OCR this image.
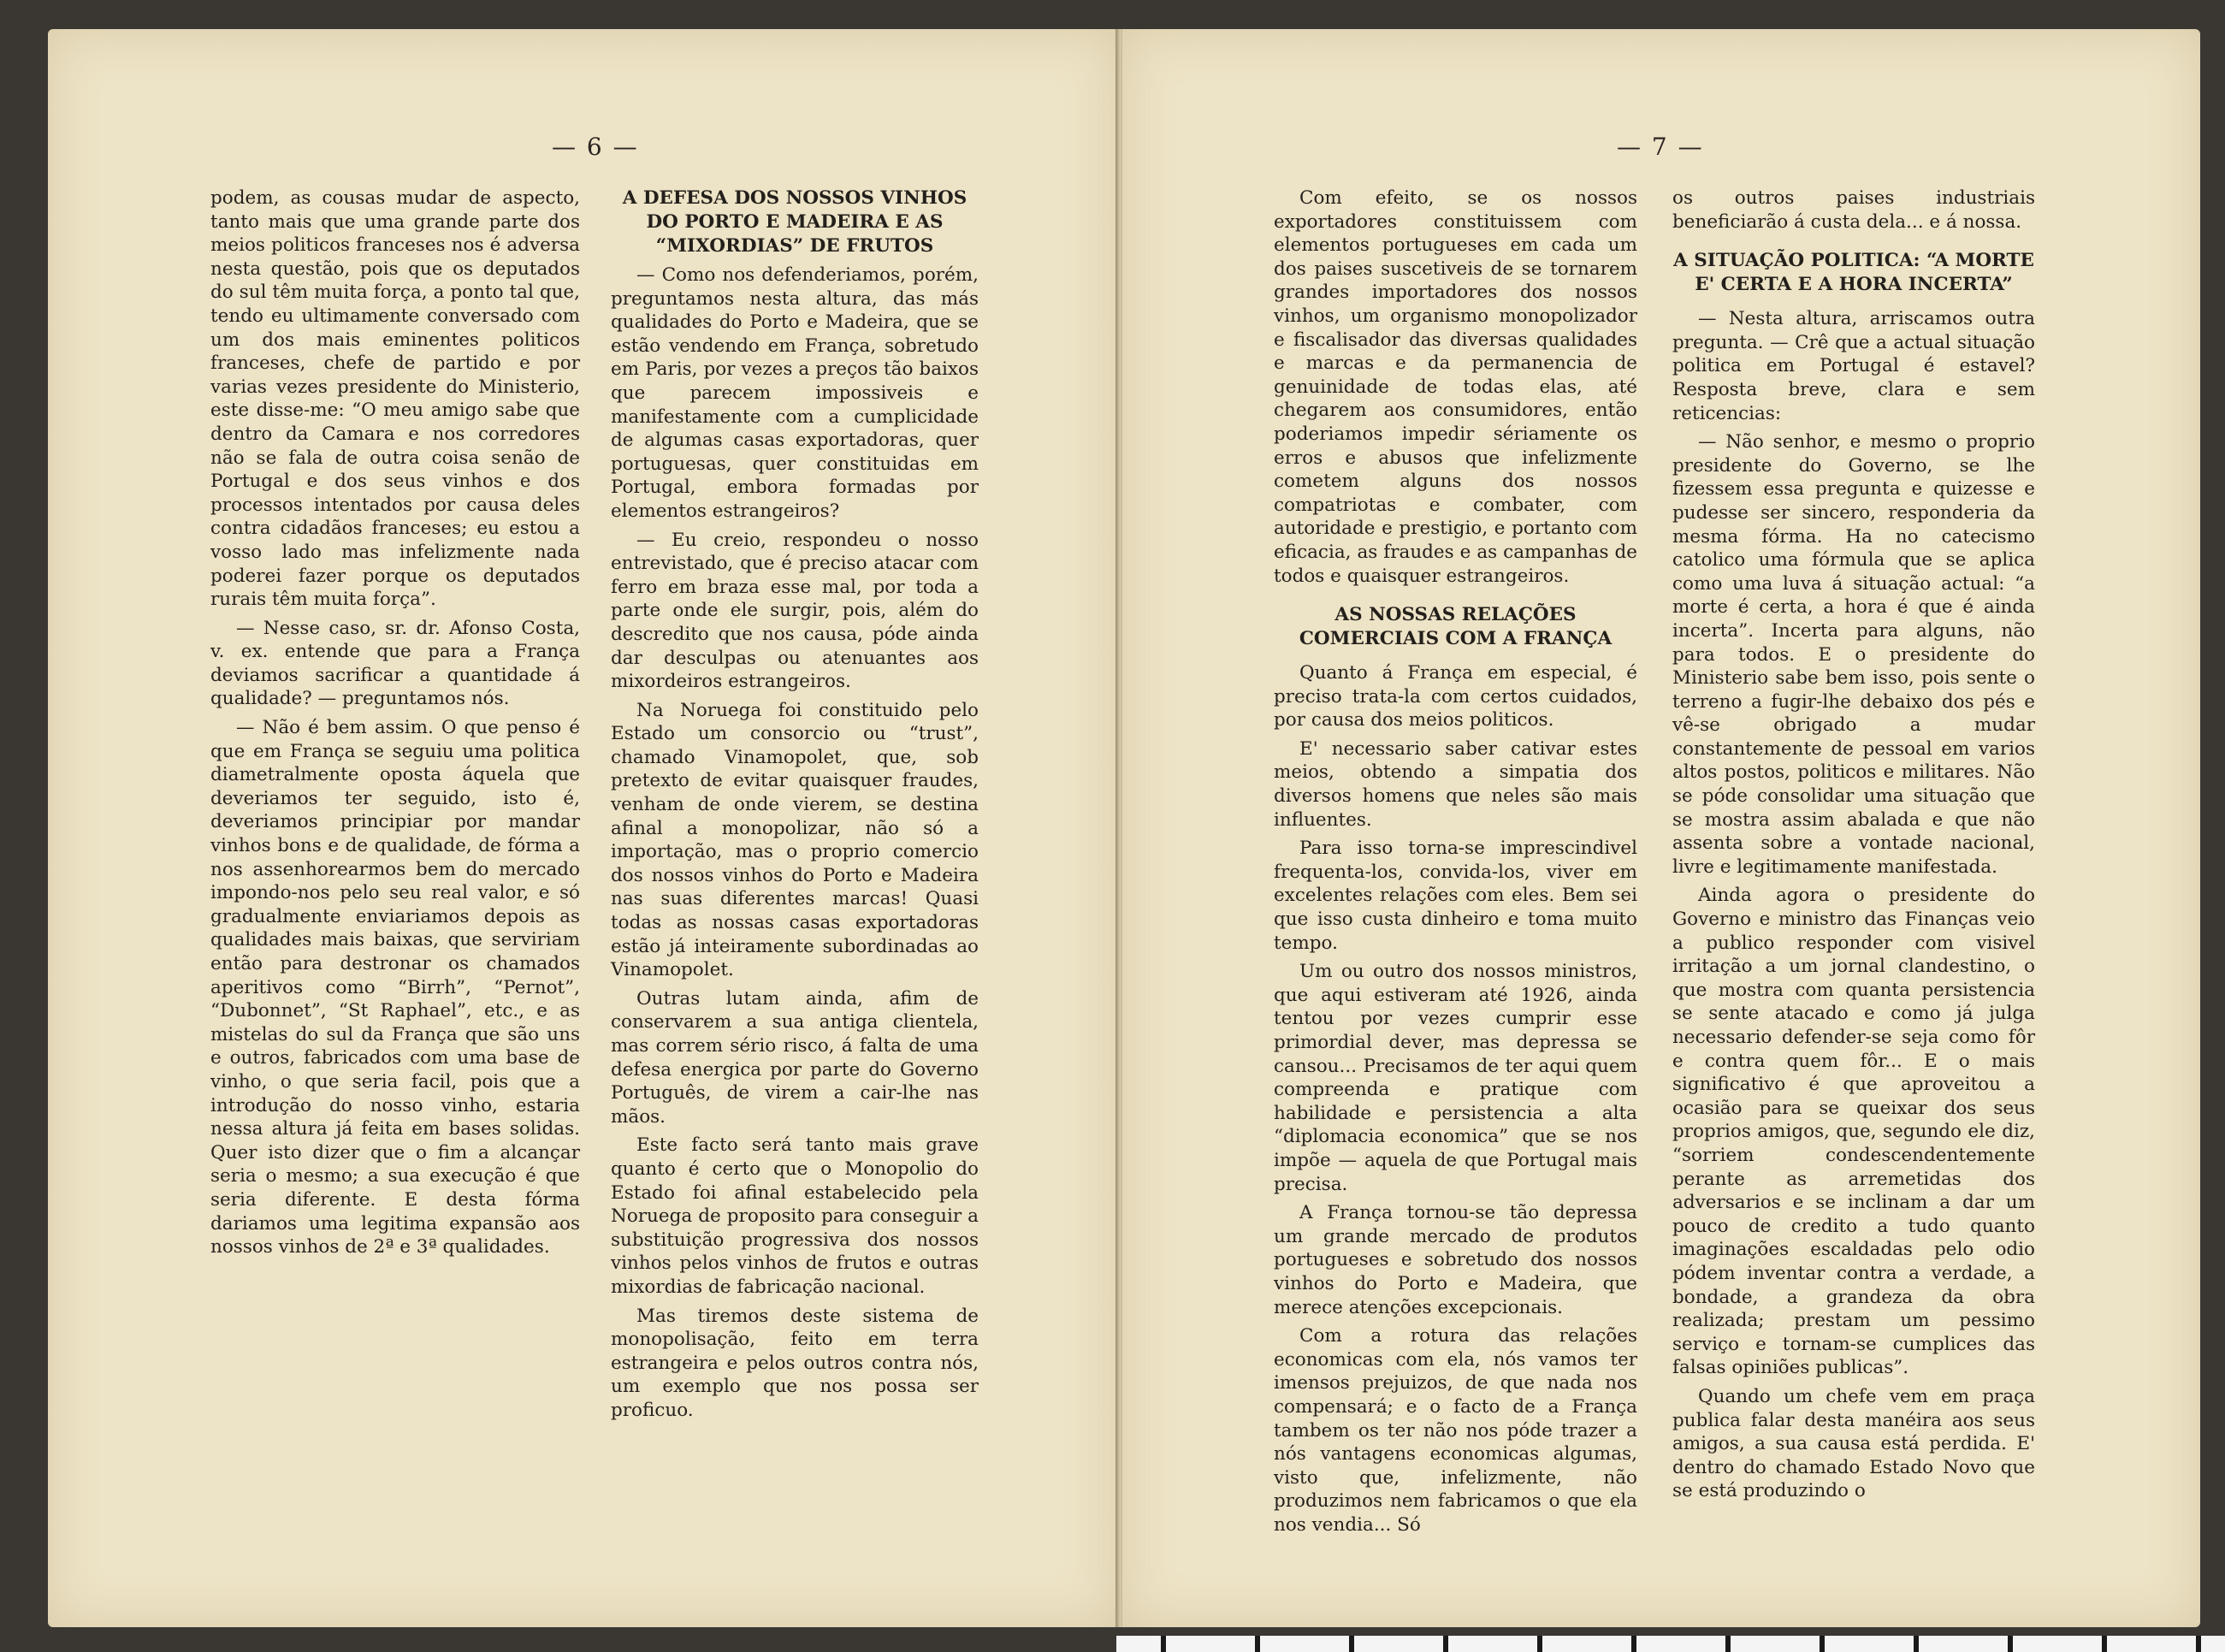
— 6 —	— 7 —

podem, as cousas mudar de aspecto, tanto mais que uma grande parte dos meios politicos franceses nos é adversa nesta questão, pois que os deputados do sul têm muita força, a ponto tal que, tendo eu ultimamente conversado com um dos mais eminentes politicos franceses, chefe de partido e por varias vezes presidente do Ministerio, este disse-me: “O meu amigo sabe que dentro da Camara e nos corredores não se fala de outra coisa senão de Portugal e dos seus vinhos e dos processos intentados por causa deles contra cidadãos franceses; eu estou a vosso lado mas infelizmente nada poderei fazer porque os deputados rurais têm muita força”.

— Nesse caso, sr. dr. Afonso Costa, v. ex. entende que para a França deviamos sacrificar a quantidade á qualidade? — preguntamos nós.

— Não é bem assim. O que penso é que em França se seguiu uma politica diametralmente oposta áquela que deveriamos ter seguido, isto é, deveriamos principiar por mandar vinhos bons e de qualidade, de fórma a nos assenhorearmos bem do mercado impondo-nos pelo seu real valor, e só gradualmente enviariamos depois as qualidades mais baixas, que serviriam então para destronar os chamados aperitivos como “Birrh”, “Pernot”, “Dubonnet”, “St Raphael”, etc., e as mistelas do sul da França que são uns e outros, fabricados com uma base de vinho, o que seria facil, pois que a introdução do nosso vinho, estaria nessa altura já feita em bases solidas. Quer isto dizer que o fim a alcançar seria o mesmo; a sua execução é que seria diferente. E desta fórma dariamos uma legitima expansão aos nossos vinhos de 2ª e 3ª qualidades.

A DEFESA DOS NOSSOS VINHOS DO PORTO E MADEIRA E AS “MIXORDIAS” DE FRUTOS

— Como nos defenderiamos, porém, preguntamos nesta altura, das más qualidades do Porto e Madeira, que se estão vendendo em França, sobretudo em Paris, por vezes a preços tão baixos que parecem impossiveis e manifestamente com a cumplicidade de algumas casas exportadoras, quer portuguesas, quer constituidas em Portugal, embora formadas por elementos estrangeiros?

— Eu creio, respondeu o nosso entrevistado, que é preciso atacar com ferro em braza esse mal, por toda a parte onde ele surgir, pois, além do descredito que nos causa, póde ainda dar desculpas ou atenuantes aos mixordeiros estrangeiros.

Na Noruega foi constituido pelo Estado um consorcio ou “trust”, chamado Vinamopolet, que, sob pretexto de evitar quaisquer fraudes, venham de onde vierem, se destina afinal a monopolizar, não só a importação, mas o proprio comercio dos nossos vinhos do Porto e Madeira nas suas diferentes marcas! Quasi todas as nossas casas exportadoras estão já inteiramente subordinadas ao Vinamopolet.

Outras lutam ainda, afim de conservarem a sua antiga clientela, mas correm sério risco, á falta de uma defesa energica por parte do Governo Português, de virem a cair-lhe nas mãos.

Este facto será tanto mais grave quanto é certo que o Monopolio do Estado foi afinal estabelecido pela Noruega de proposito para conseguir a substituição progressiva dos nossos vinhos pelos vinhos de frutos e outras mixordias de fabricação nacional.

Mas tiremos deste sistema de monopolisação, feito em terra estrangeira e pelos outros contra nós, um exemplo que nos possa ser proficuo.

Com efeito, se os nossos exportadores constituissem com elementos portugueses em cada um dos paises suscetiveis de se tornarem grandes importadores dos nossos vinhos, um organismo monopolizador e fiscalisador das diversas qualidades e marcas e da permanencia de genuinidade de todas elas, até chegarem aos consumidores, então poderiamos impedir sériamente os erros e abusos que infelizmente cometem alguns dos nossos compatriotas e combater, com autoridade e prestigio, e portanto com eficacia, as fraudes e as campanhas de todos e quaisquer estrangeiros.

AS NOSSAS RELAÇÕES COMERCIAIS COM A FRANÇA

Quanto á França em especial, é preciso trata-la com certos cuidados, por causa dos meios politicos.

E' necessario saber cativar estes meios, obtendo a simpatia dos diversos homens que neles são mais influentes.

Para isso torna-se imprescindivel frequenta-los, convida-los, viver em excelentes relações com eles. Bem sei que isso custa dinheiro e toma muito tempo.

Um ou outro dos nossos ministros, que aqui estiveram até 1926, ainda tentou por vezes cumprir esse primordial dever, mas depressa se cansou... Precisamos de ter aqui quem compreenda e pratique com habilidade e persistencia a alta “diplomacia economica” que se nos impõe — aquela de que Portugal mais precisa.

A França tornou-se tão depressa um grande mercado de produtos portugueses e sobretudo dos nossos vinhos do Porto e Madeira, que merece atenções excepcionais.

Com a rotura das relações economicas com ela, nós vamos ter imensos prejuizos, de que nada nos compensará; e o facto de a França tambem os ter não nos póde trazer a nós vantagens economicas algumas, visto que, infelizmente, não produzimos nem fabricamos o que ela nos vendia... Só

os outros paises industriais beneficiarão á custa dela... e á nossa.

A SITUAÇÃO POLITICA: “A MORTE E' CERTA E A HORA INCERTA”

— Nesta altura, arriscamos outra pregunta. — Crê que a actual situação politica em Portugal é estavel? Resposta breve, clara e sem reticencias:

— Não senhor, e mesmo o proprio presidente do Governo, se lhe fizessem essa pregunta e quizesse e pudesse ser sincero, responderia da mesma fórma. Ha no catecismo catolico uma fórmula que se aplica como uma luva á situação actual: “a morte é certa, a hora é que é ainda incerta”. Incerta para alguns, não para todos. E o presidente do Ministerio sabe bem isso, pois sente o terreno a fugir-lhe debaixo dos pés e vê-se obrigado a mudar constantemente de pessoal em varios altos postos, politicos e militares. Não se póde consolidar uma situação que se mostra assim abalada e que não assenta sobre a vontade nacional, livre e legitimamente manifestada.

Ainda agora o presidente do Governo e ministro das Finanças veio a publico responder com visivel irritação a um jornal clandestino, o que mostra com quanta persistencia se sente atacado e como já julga necessario defender-se seja como fôr e contra quem fôr... E o mais significativo é que aproveitou a ocasião para se queixar dos seus proprios amigos, que, segundo ele diz, “sorriem condescendentemente perante as arremetidas dos adversarios e se inclinam a dar um pouco de credito a tudo quanto imaginações escaldadas pelo odio pódem inventar contra a verdade, a bondade, a grandeza da obra realizada; prestam um pessimo serviço e tornam-se cumplices das falsas opiniões publicas”.

Quando um chefe vem em praça publica falar desta manéira aos seus amigos, a sua causa está perdida. E' dentro do chamado Estado Novo que se está produzindo o
